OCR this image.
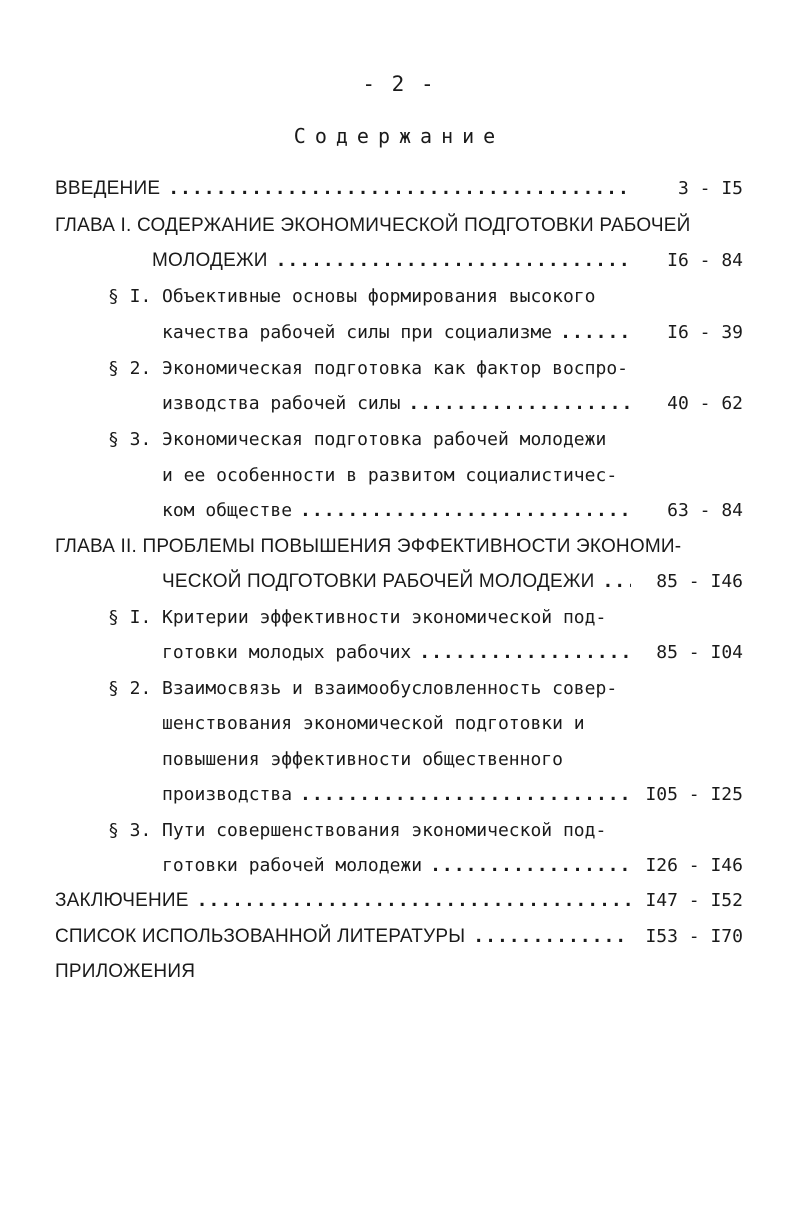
- 2 -
Содержание
ВВЕДЕНИЕ .....	3 - I5
ГЛАВА I. СОДЕРЖАНИЕ ЭКОНОМИЧЕСКОЙ ПОДГОТОВКИ РАБОЧЕЙ
МОЛОДЕЖИ .....	I6 - 84
§ I. Объективные основы формирования высокого
качества рабочей силы при социализме .....	I6 - 39
§ 2. Экономическая подготовка как фактор воспро-
изводства рабочей силы .....	40 - 62
§ 3. Экономическая подготовка рабочей молодежи
и ее особенности в развитом социалистичес-
ком обществе .....	63 - 84
ГЛАВА II. ПРОБЛЕМЫ ПОВЫШЕНИЯ ЭФФЕКТИВНОСТИ ЭКОНОМИ-
ЧЕСКОЙ ПОДГОТОВКИ РАБОЧЕЙ МОЛОДЕЖИ .....	85 - I46
§ I. Критерии эффективности экономической под-
готовки молодых рабочих .....	85 - I04
§ 2. Взаимосвязь и взаимообусловленность совер-
шенствования экономической подготовки и
повышения эффективности общественного
производства .....	I05 - I25
§ 3. Пути совершенствования экономической под-
готовки рабочей молодежи .....	I26 - I46
ЗАКЛЮЧЕНИЕ .....	I47 - I52
СПИСОК ИСПОЛЬЗОВАННОЙ ЛИТЕРАТУРЫ .....	I53 - I70
ПРИЛОЖЕНИЯ
